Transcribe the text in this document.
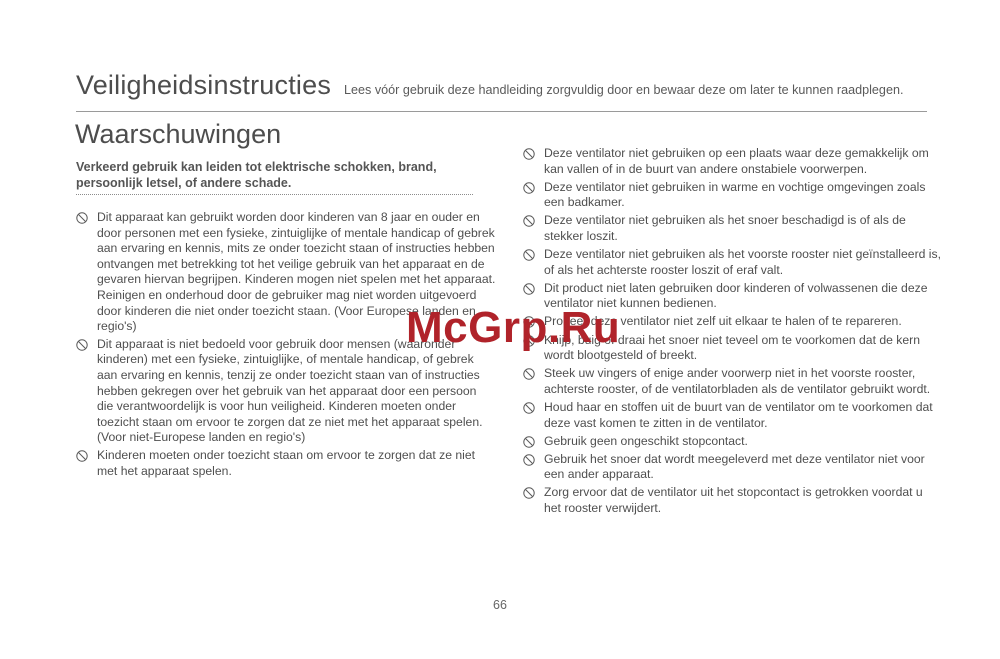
Veiligheidsinstructies Lees vóór gebruik deze handleiding zorgvuldig door en bewaar deze om later te kunnen raadplegen.
Waarschuwingen
Verkeerd gebruik kan leiden tot elektrische schokken, brand, persoonlijk letsel, of andere schade.
Dit apparaat kan gebruikt worden door kinderen van 8 jaar en ouder en door personen met een fysieke, zintuiglijke of mentale handicap of gebrek aan ervaring en kennis, mits ze onder toezicht staan of instructies hebben ontvangen met betrekking tot het veilige gebruik van het apparaat en de gevaren hiervan begrijpen. Kinderen mogen niet spelen met het apparaat. Reinigen en onderhoud door de gebruiker mag niet worden uitgevoerd door kinderen die niet onder toezicht staan. (Voor Europese landen en regio's)
Dit apparaat is niet bedoeld voor gebruik door mensen (waaronder kinderen) met een fysieke, zintuiglijke, of mentale handicap, of gebrek aan ervaring en kennis, tenzij ze onder toezicht staan van of instructies hebben gekregen over het gebruik van het apparaat door een persoon die verantwoordelijk is voor hun veiligheid. Kinderen moeten onder toezicht staan om ervoor te zorgen dat ze niet met het apparaat spelen. (Voor niet-Europese landen en regio's)
Kinderen moeten onder toezicht staan om ervoor te zorgen dat ze niet met het apparaat spelen.
Deze ventilator niet gebruiken op een plaats waar deze gemakkelijk om kan vallen of in de buurt van andere onstabiele voorwerpen.
Deze ventilator niet gebruiken in warme en vochtige omgevingen zoals een badkamer.
Deze ventilator niet gebruiken als het snoer beschadigd is of als de stekker loszit.
Deze ventilator niet gebruiken als het voorste rooster niet geïnstalleerd is, of als het achterste rooster loszit of eraf valt.
Dit product niet laten gebruiken door kinderen of volwassenen die deze ventilator niet kunnen bedienen.
Probeer deze ventilator niet zelf uit elkaar te halen of te repareren.
Knijp, buig of draai het snoer niet teveel om te voorkomen dat de kern wordt blootgesteld of breekt.
Steek uw vingers of enige ander voorwerp niet in het voorste rooster, achterste rooster, of de ventilatorbladen als de ventilator gebruikt wordt.
Houd haar en stoffen uit de buurt van de ventilator om te voorkomen dat deze vast komen te zitten in de ventilator.
Gebruik geen ongeschikt stopcontact.
Gebruik het snoer dat wordt meegeleverd met deze ventilator niet voor een ander apparaat.
Zorg ervoor dat de ventilator uit het stopcontact is getrokken voordat u het rooster verwijdert.
McGrp.Ru
66
